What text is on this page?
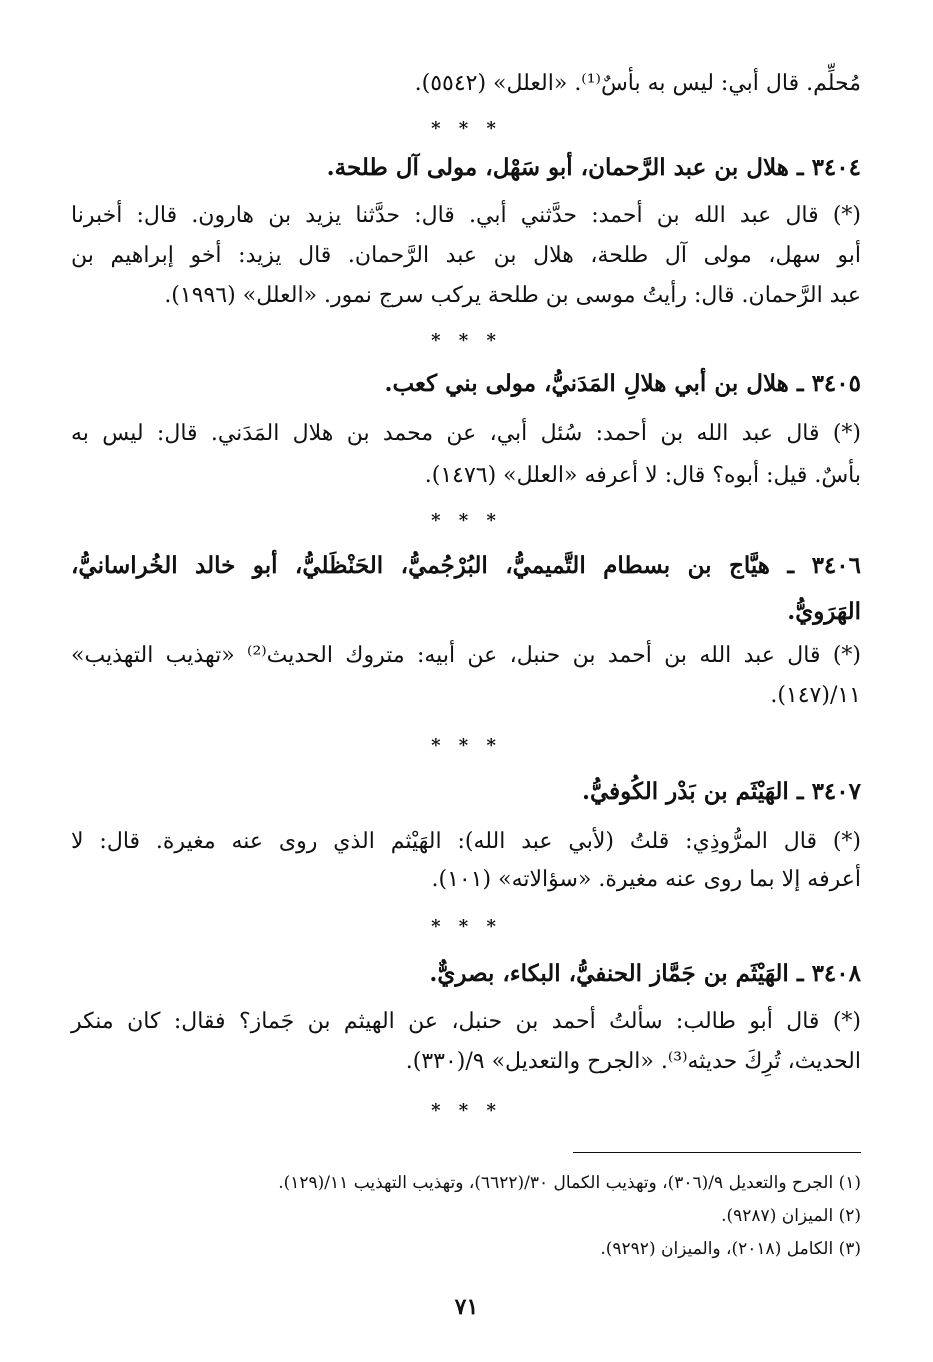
مُحلِّم. قال أبي: ليس به بأسٌ⁽¹⁾. «العلل» (٥٥٤٢).
* * *
٣٤٠٤ ـ هلال بن عبد الرَّحمان، أبو سَهْل، مولى آل طلحة.
(*) قال عبد الله بن أحمد: حدَّثني أبي. قال: حدَّثنا يزيد بن هارون. قال: أخبرنا
أبو سهل، مولى آل طلحة، هلال بن عبد الرَّحمان. قال يزيد: أخو إبراهيم بن
عبد الرَّحمان. قال: رأيتُ موسى بن طلحة يركب سرج نمور. «العلل» (١٩٩٦).
* * *
٣٤٠٥ ـ هلال بن أبي هلالِ المَدَنيُّ، مولى بني كعب.
(*) قال عبد الله بن أحمد: سُئل أبي، عن محمد بن هلال المَدَني. قال: ليس به
بأسٌ. قيل: أبوه؟ قال: لا أعرفه «العلل» (١٤٧٦).
* * *
٣٤٠٦ ـ هيَّاج بن بسطام التَّميميُّ، البُرْجُميُّ، الحَنْظَليُّ، أبو خالد الخُراسانيُّ،
الهَرَويُّ.
(*) قال عبد الله بن أحمد بن حنبل، عن أبيه: متروك الحديث⁽²⁾ «تهذيب التهذيب»
١١/(١٤٧).
* * *
٣٤٠٧ ـ الهَيْثَم بن بَدْر الكُوفيُّ.
(*) قال المرُّوذِي: قلتُ (لأبي عبد الله): الهَيْثم الذي روى عنه مغيرة. قال: لا
أعرفه إلا بما روى عنه مغيرة. «سؤالاته» (١٠١).
* * *
٣٤٠٨ ـ الهَيْثَم بن جَمَّاز الحنفيُّ، البكاء، بصريٌّ.
(*) قال أبو طالب: سألتُ أحمد بن حنبل، عن الهيثم بن جَماز؟ فقال: كان منكر
الحديث، تُرِكَ حديثه⁽³⁾. «الجرح والتعديل» ٩/(٣٣٠).
* * *
(١) الجرح والتعديل ٩/(٣٠٦)، وتهذيب الكمال ٣٠/(٦٦٢٢)، وتهذيب التهذيب ١١/(١٢٩).
(٢) الميزان (٩٢٨٧).
(٣) الكامل (٢٠١٨)، والميزان (٩٢٩٢).
٧١
